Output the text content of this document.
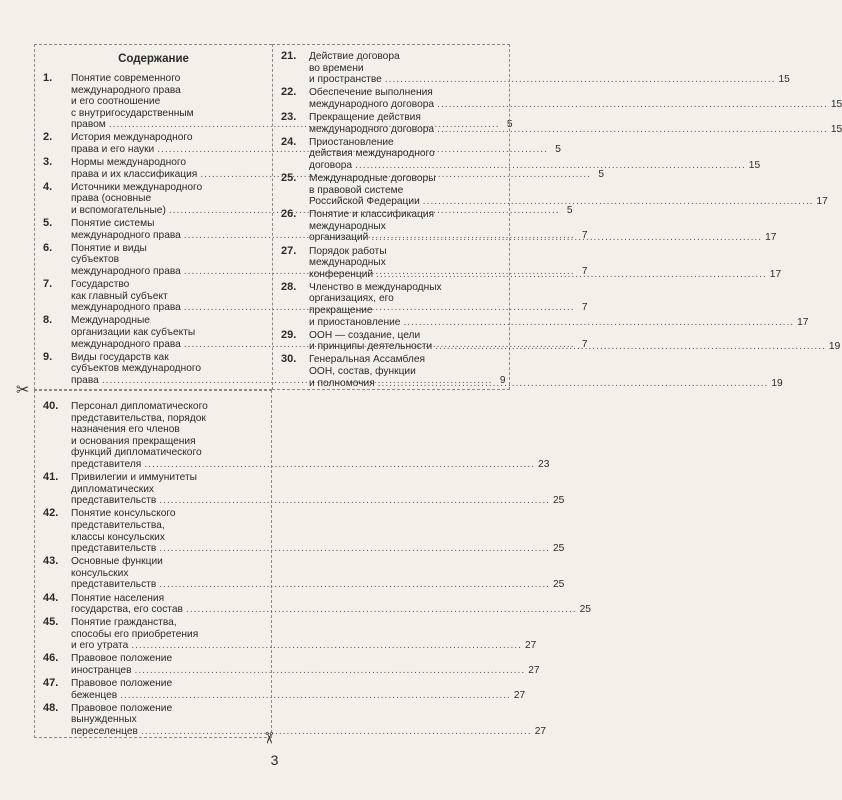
Содержание
1.	Понятие современного
международного права
и его соотношение
с внутригосударственным
правом .....	5
2.	История международного
права и его науки .....	5
3.	Нормы международного
права и их классификация .....	5
4.	Источники международного
права (основные
и вспомогательные) .....	5
5.	Понятие системы
международного права .....	7
6.	Понятие и виды
субъектов
международного права .....	7
7.	Государство
как главный субъект
международного права .....	7
8.	Международные
организации как субъекты
международного права .....	7
9.	Виды государств как
субъектов международного
права .....	9
21.	Действие договора
во времени
и пространстве .....	15
22.	Обеспечение выполнения
международного договора .....	15
23.	Прекращение действия
международного договора .....	15
24.	Приостановление
действия международного
договора .....	15
25.	Международные договоры
в правовой системе
Российской Федерации .....	17
26.	Понятие и классификация
международных
организаций .....	17
27.	Порядок работы
международных
конференций .....	17
28.	Членство в международных
организациях, его
прекращение
и приостановление .....	17
29.	ООН — создание, цели
и принципы деятельности .....	19
30.	Генеральная Ассамблея
ООН, состав, функции
и полномочия .....	19
40.	Персонал дипломатического
представительства, порядок
назначения его членов
и основания прекращения
функций дипломатического
представителя .....	23
41.	Привилегии и иммунитеты
дипломатических
представительств .....	25
42.	Понятие консульского
представительства,
классы консульских
представительств .....	25
43.	Основные функции
консульских
представительств .....	25
44.	Понятие населения
государства, его состав .....	25
45.	Понятие гражданства,
способы его приобретения
и его утрата .....	27
46.	Правовое положение
иностранцев .....	27
47.	Правовое положение
беженцев .....	27
48.	Правовое положение
вынужденных
переселенцев .....	27
✂
✂
3
